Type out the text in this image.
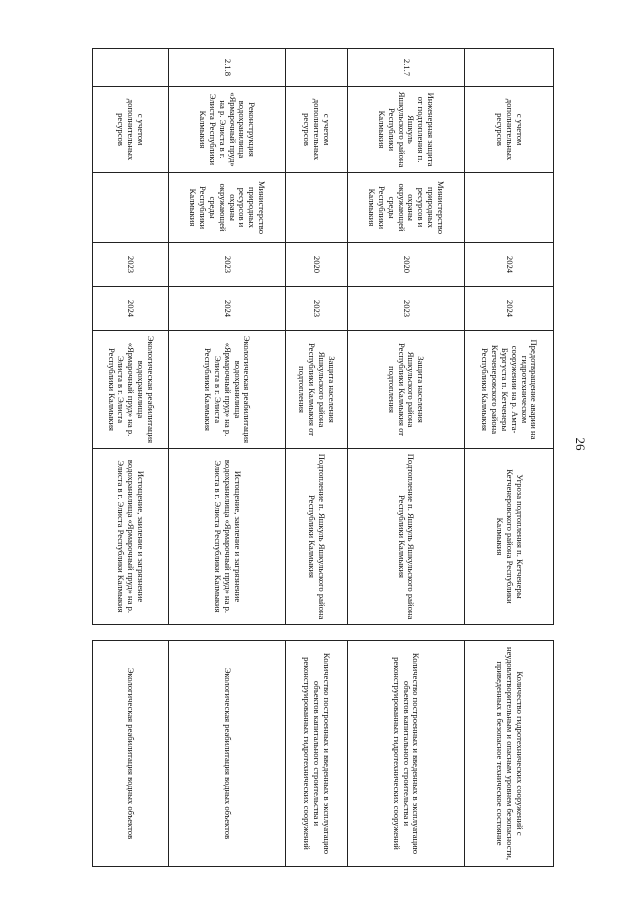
	с учетом дополнительных ресурсов		2024	2024	Предотвращение аварии на гидротехническом сооружении на р. Амта-Бургуста п. Кетченеры Кетченеровского района Республики Калмыкия	Угроза подтопления п. Кетченеры Кетченеровского района Республики Калмыкия		Количество гидротехнических сооружений с неудовлетворительным и опасным уровнем безопасности, приведенных в безопасное техническое состояние
2.1.7	Инженерная защита от подтопления п. Яшкуль Яшкульского района Республики Калмыкия	Министерство природных ресурсов и охраны окружающей среды Республики Калмыкия	2020	2023	Защита населения Яшкульского района Республики Калмыкия от подтопления	Подтопление п. Яшкуль Яшкульского района Республики Калмыкия		Количество построенных и введенных в эксплуатацию объектов капитального строительства и реконструированных гидротехнических сооружений
	с учетом дополнительных ресурсов		2020	2023	Защита населения Яшкульского района Республики Калмыкия от подтопления	Подтопление п. Яшкуль Яшкульского района Республики Калмыкия		Количество построенных и введенных в эксплуатацию объектов капитального строительства и реконструированных гидротехнических сооружений
2.1.8	Реконструкция водохранилища «Ярмарочный пруд» на р. Элиста в г. Элиста Республики Калмыкия	Министерство природных ресурсов и охраны окружающей среды Республики Калмыкия	2023	2024	Экологическая реабилитация водохранилища «Ярмарочный пруд» на р. Элиста в г. Элиста Республики Калмыкия	Истощение, заиление и загрязнение водохранилища «Ярмарочный пруд» на р. Элиста в г. Элиста Республики Калмыкия		Экологическая реабилитация водных объектов
	с учетом дополнительных ресурсов		2023	2024	Экологическая реабилитация водохранилища «Ярмарочный пруд» на р. Элиста в г. Элиста Республики Калмыкия	Истощение, заиление и загрязнение водохранилища «Ярмарочный пруд» на р. Элиста в г. Элиста Республики Калмыкия		Экологическая реабилитация водных объектов
26
